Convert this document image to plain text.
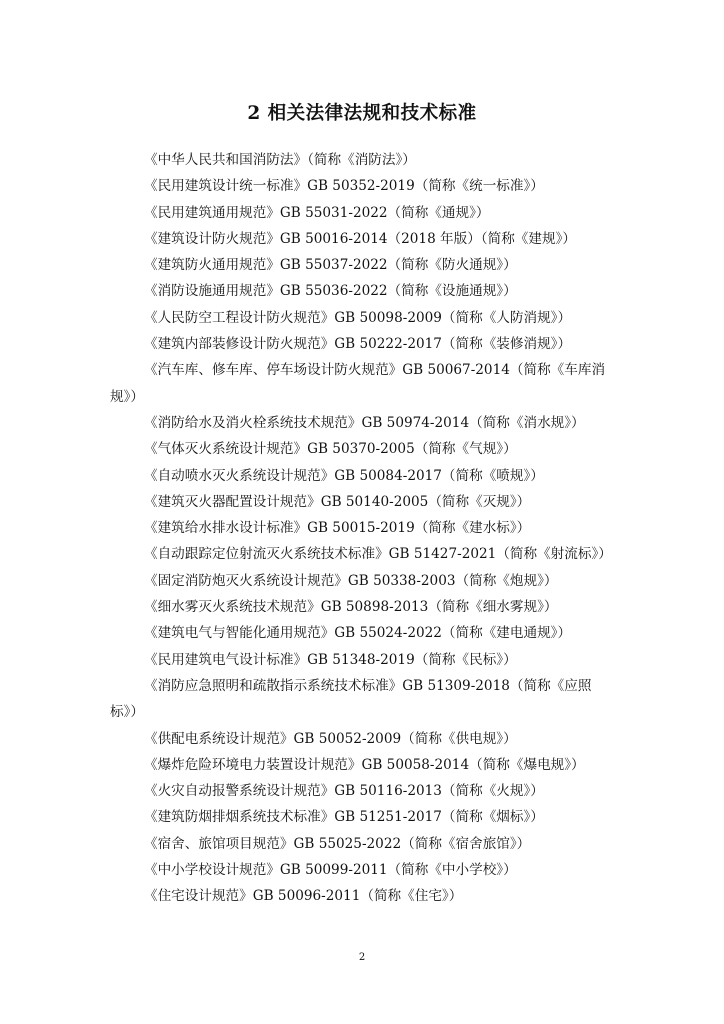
2 相关法律法规和技术标准
《中华人民共和国消防法》（简称《消防法》）
《民用建筑设计统一标准》GB 50352-2019（简称《统一标准》）
《民用建筑通用规范》GB 55031-2022（简称《通规》）
《建筑设计防火规范》GB 50016-2014（2018 年版）（简称《建规》）
《建筑防火通用规范》GB 55037-2022（简称《防火通规》）
《消防设施通用规范》GB 55036-2022（简称《设施通规》）
《人民防空工程设计防火规范》GB 50098-2009（简称《人防消规》）
《建筑内部装修设计防火规范》GB 50222-2017（简称《装修消规》）
《汽车库、修车库、停车场设计防火规范》GB 50067-2014（简称《车库消规》）
《消防给水及消火栓系统技术规范》GB 50974-2014（简称《消水规》）
《气体灭火系统设计规范》GB 50370-2005（简称《气规》）
《自动喷水灭火系统设计规范》GB 50084-2017（简称《喷规》）
《建筑灭火器配置设计规范》GB 50140-2005（简称《灭规》）
《建筑给水排水设计标准》GB 50015-2019（简称《建水标》）
《自动跟踪定位射流灭火系统技术标准》GB 51427-2021（简称《射流标》）
《固定消防炮灭火系统设计规范》GB 50338-2003（简称《炮规》）
《细水雾灭火系统技术规范》GB 50898-2013（简称《细水雾规》）
《建筑电气与智能化通用规范》GB 55024-2022（简称《建电通规》）
《民用建筑电气设计标准》GB 51348-2019（简称《民标》）
《消防应急照明和疏散指示系统技术标准》GB 51309-2018（简称《应照标》）
《供配电系统设计规范》GB 50052-2009（简称《供电规》）
《爆炸危险环境电力装置设计规范》GB 50058-2014（简称《爆电规》）
《火灾自动报警系统设计规范》GB 50116-2013（简称《火规》）
《建筑防烟排烟系统技术标准》GB 51251-2017（简称《烟标》）
《宿舍、旅馆项目规范》GB 55025-2022（简称《宿舍旅馆》）
《中小学校设计规范》GB 50099-2011（简称《中小学校》）
《住宅设计规范》GB 50096-2011（简称《住宅》）
2
